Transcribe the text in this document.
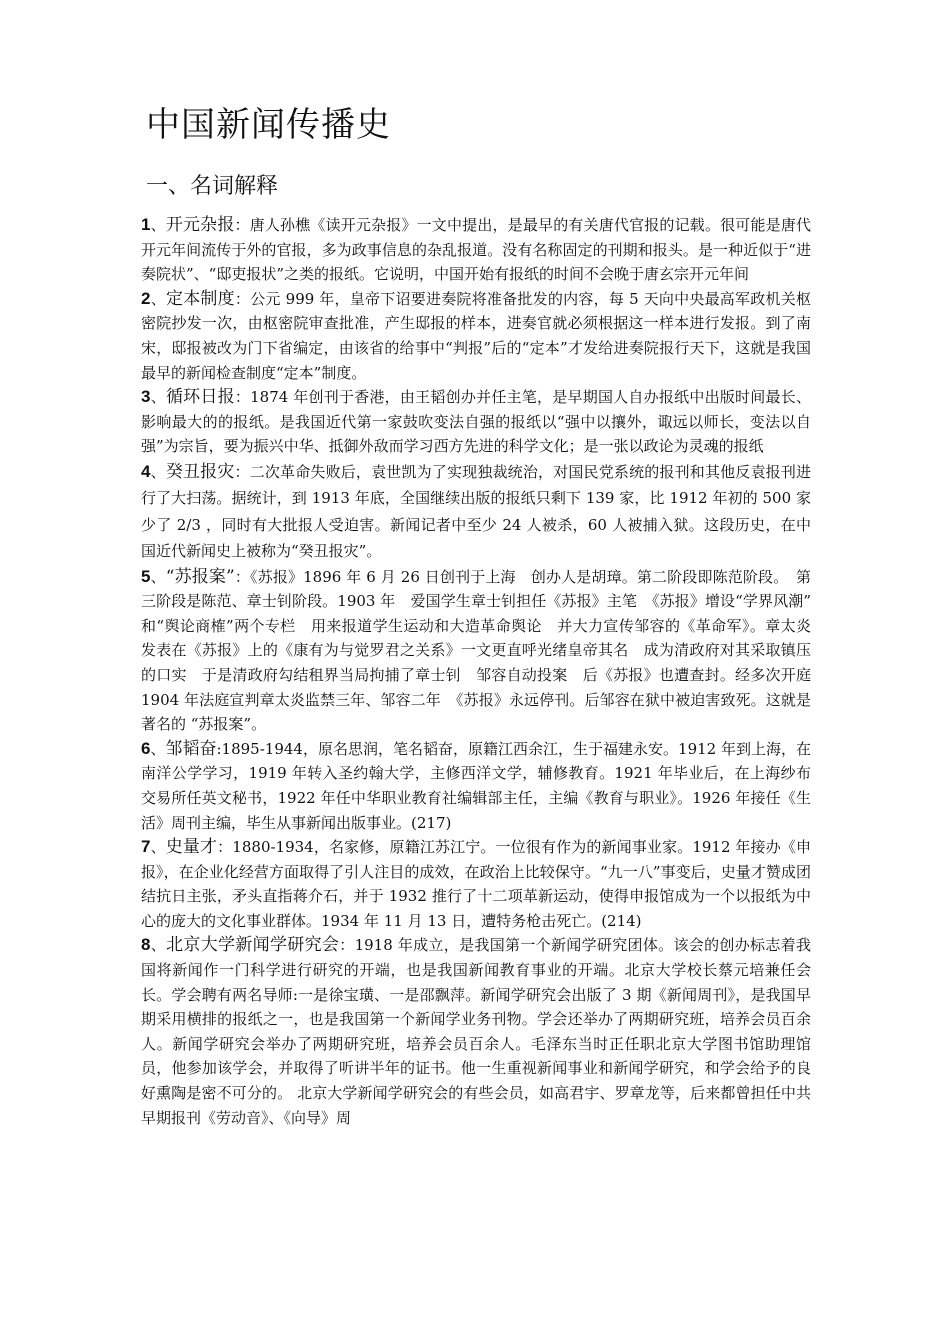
中国新闻传播史
一、名词解释

1、开元杂报：唐人孙樵《读开元杂报》一文中提出，是最早的有关唐代官报的记载。很可能是唐代开元年间流传于外的官报，多为政事信息的杂乱报道。没有名称固定的刊期和报头。是一种近似于“进奏院状”、“邸吏报状”之类的报纸。它说明，中国开始有报纸的时间不会晚于唐玄宗开元年间

2、定本制度：公元 999 年，皇帝下诏要进奏院将准备批发的内容，每 5 天向中央最高军政机关枢密院抄发一次，由枢密院审查批准，产生邸报的样本，进奏官就必须根据这一样本进行发报。到了南宋，邸报被改为门下省编定，由该省的给事中“判报”后的“定本”才发给进奏院报行天下，这就是我国最早的新闻检查制度“定本”制度。

3、循环日报：1874 年创刊于香港，由王韬创办并任主笔，是早期国人自办报纸中出版时间最长、影响最大的的报纸。是我国近代第一家鼓吹变法自强的报纸以“强中以攘外，诹远以师长，变法以自强”为宗旨，要为振兴中华、抵御外敌而学习西方先进的科学文化；是一张以政论为灵魂的报纸

4、癸丑报灾：二次革命失败后，袁世凯为了实现独裁统治，对国民党系统的报刊和其他反袁报刊进行了大扫荡。据统计，到 1913 年底，全国继续出版的报纸只剩下 139 家，比 1912 年初的 500 家少了 2/3 ，同时有大批报人受迫害。新闻记者中至少 24 人被杀，60 人被捕入狱。这段历史，在中国近代新闻史上被称为“癸丑报灾”。

5、“苏报案”：《苏报》1896 年 6 月 26 日创刊于上海　创办人是胡璋。第二阶段即陈范阶段。　第三阶段是陈范、章士钊阶段。1903 年　爱国学生章士钊担任《苏报》主笔　《苏报》增设“学界风潮”　和“舆论商榷”两个专栏　用来报道学生运动和大造革命舆论　并大力宣传邹容的《革命军》。章太炎 发表在《苏报》上的《康有为与觉罗君之关系》一文更直呼光绪皇帝其名　成为清政府对其采取镇压的口实　于是清政府勾结租界当局拘捕了章士钊　邹容自动投案　后《苏报》也遭查封。经多次开庭　1904 年法庭宣判章太炎监禁三年、邹容二年　《苏报》永远停刊。后邹容在狱中被迫害致死。这就是著名的 “苏报案”。

6、邹韬奋:1895-1944，原名思润，笔名韬奋，原籍江西余江，生于福建永安。1912 年到上海，在南洋公学学习，1919 年转入圣约翰大学，主修西洋文学，辅修教育。1921 年毕业后，在上海纱布交易所任英文秘书，1922 年任中华职业教育社编辑部主任，主编《教育与职业》。1926 年接任《生活》周刊主编，毕生从事新闻出版事业。(217)

7、史量才：1880-1934，名家修，原籍江苏江宁。一位很有作为的新闻事业家。1912 年接办《申报》，在企业化经营方面取得了引人注目的成效，在政治上比较保守。“九一八”事变后，史量才赞成团结抗日主张，矛头直指蒋介石，并于 1932 推行了十二项革新运动，使得申报馆成为一个以报纸为中心的庞大的文化事业群体。1934 年 11 月 13 日，遭特务枪击死亡。(214)

8、北京大学新闻学研究会：1918 年成立，是我国第一个新闻学研究团体。该会的创办标志着我国将新闻作一门科学进行研究的开端，也是我国新闻教育事业的开端。北京大学校长蔡元培兼任会长。学会聘有两名导师:一是徐宝璜、一是邵飘萍。新闻学研究会出版了 3 期《新闻周刊》，是我国早 期采用横排的报纸之一，也是我国第一个新闻学业务刊物。学会还举办了两期研究班，培养会员百余人。新闻学研究会举办了两期研究班，培养会员百余人。毛泽东当时正任职北京大学图书馆助理馆 员，他参加该学会，并取得了听讲半年的证书。他一生重视新闻事业和新闻学研究，和学会给予的良 好熏陶是密不可分的。 北京大学新闻学研究会的有些会员，如高君宇、罗章龙等，后来都曾担任中共早期报刊《劳动音》、《向导》周
